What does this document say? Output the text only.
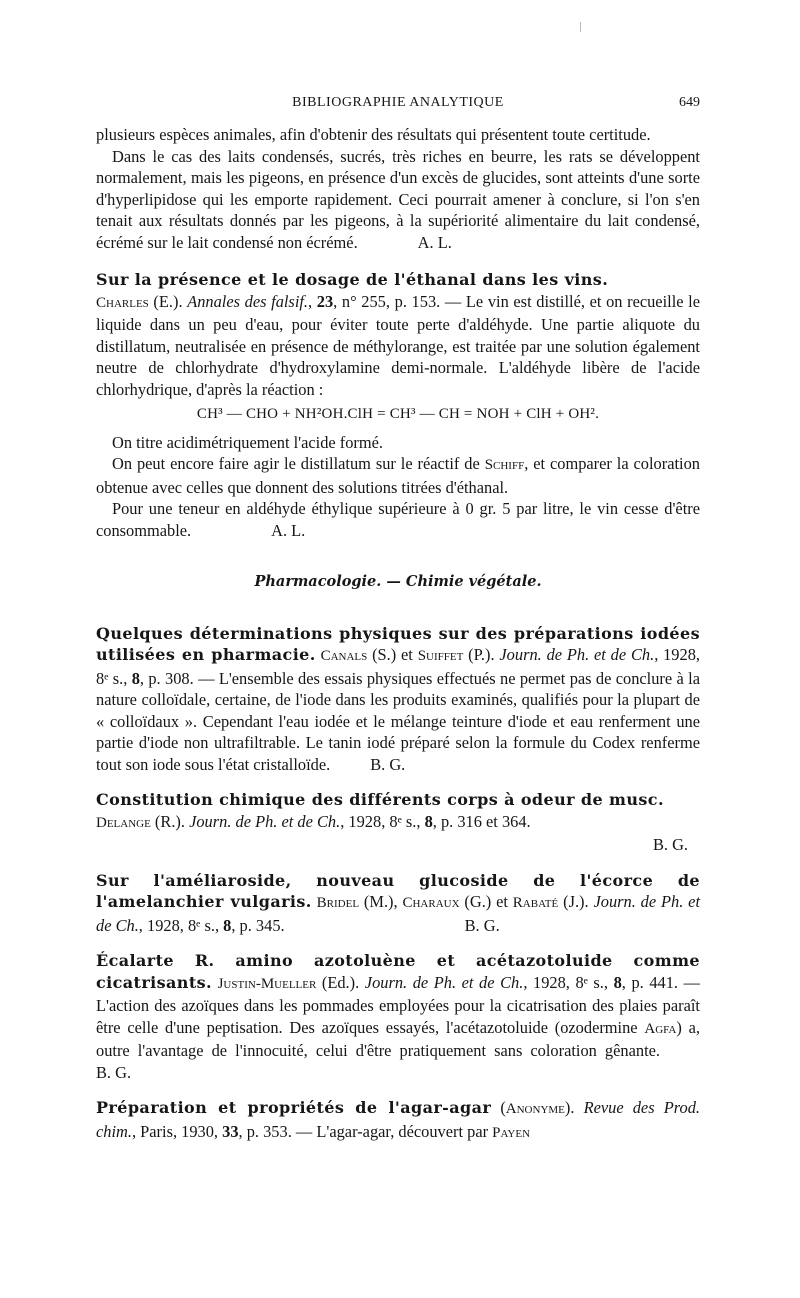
BIBLIOGRAPHIE ANALYTIQUE	649

plusieurs espèces animales, afin d'obtenir des résultats qui présentent toute certitude.

Dans le cas des laits condensés, sucrés, très riches en beurre, les rats se développent normalement, mais les pigeons, en présence d'un excès de glucides, sont atteints d'une sorte d'hyperlipidose qui les emporte rapidement. Ceci pourrait amener à conclure, si l'on s'en tenait aux résultats donnés par les pigeons, à la supériorité alimentaire du lait condensé, écrémé sur le lait condensé non écrémé.	A. L.

Sur la présence et le dosage de l'éthanal dans les vins.
Charles (E.). Annales des falsif., 23, n° 255, p. 153. — Le vin est distillé, et on recueille le liquide dans un peu d'eau, pour éviter toute perte d'aldéhyde. Une partie aliquote du distillatum, neutralisée en présence de méthylorange, est traitée par une solution également neutre de chlorhydrate d'hydroxylamine demi-normale. L'aldéhyde libère de l'acide chlorhydrique, d'après la réaction :

CH³ — CHO + NH²OH.ClH = CH³ — CH = NOH + ClH + OH².

On titre acidimétriquement l'acide formé.

On peut encore faire agir le distillatum sur le réactif de Schiff, et comparer la coloration obtenue avec celles que donnent des solutions titrées d'éthanal.

Pour une teneur en aldéhyde éthylique supérieure à 0 gr. 5 par litre, le vin cesse d'être consommable.	A. L.

Pharmacologie. — Chimie végétale.

Quelques déterminations physiques sur des préparations iodées utilisées en pharmacie. Canals (S.) et Suiffet (P.). Journ. de Ph. et de Ch., 1928, 8ᵉ s., 8, p. 308. — L'ensemble des essais physiques effectués ne permet pas de conclure à la nature colloïdale, certaine, de l'iode dans les produits examinés, qualifiés pour la plupart de « colloïdaux ». Cependant l'eau iodée et le mélange teinture d'iode et eau renferment une partie d'iode non ultrafiltrable. Le tanin iodé préparé selon la formule du Codex renferme tout son iode sous l'état cristalloïde. B. G.

Constitution chimique des différents corps à odeur de musc.
Delange (R.). Journ. de Ph. et de Ch., 1928, 8ᵉ s., 8, p. 316 et 364.

B. G.

Sur l'améliaroside, nouveau glucoside de l'écorce de l'amelanchier vulgaris. Bridel (M.), Charaux (G.) et Rabaté (J.). Journ. de Ph. et de Ch., 1928, 8ᵉ s., 8, p. 345.	B. G.

Écalarte R. amino azotoluène et acétazotoluide comme cicatrisants. Justin-Mueller (Ed.). Journ. de Ph. et de Ch., 1928, 8ᵉ s., 8, p. 441. — L'action des azoïques dans les pommades employées pour la cicatrisation des plaies paraît être celle d'une peptisation. Des azoïques essayés, l'acétazotoluide (ozodermine Agfa) a, outre l'avantage de l'innocuité, celui d'être pratiquement sans coloration gênante.B. G.

Préparation et propriétés de l'agar-agar (Anonyme). Revue des Prod. chim., Paris, 1930, 33, p. 353. — L'agar-agar, découvert par Payen
